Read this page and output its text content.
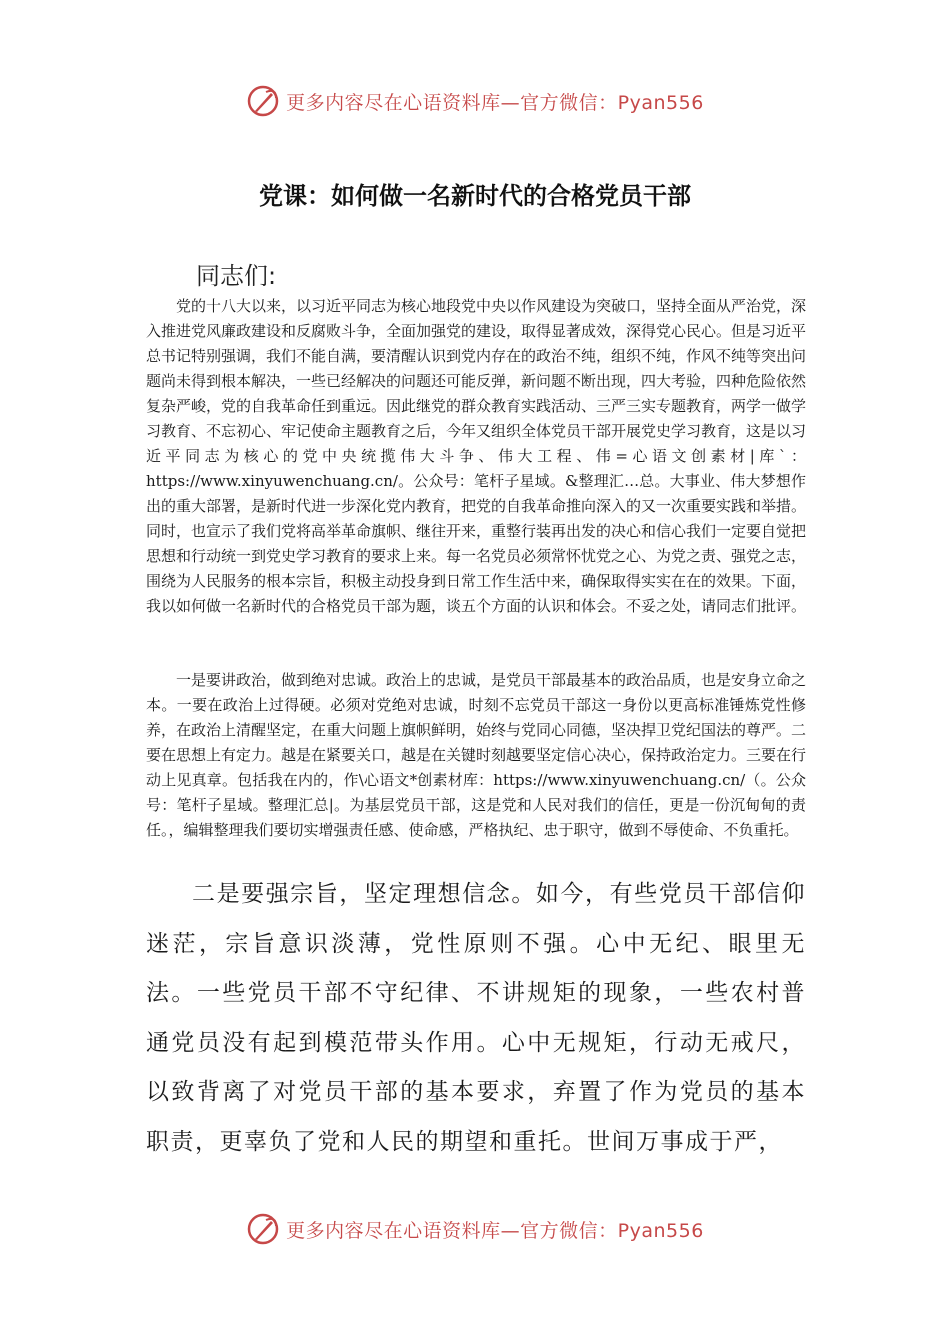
更多内容尽在心语资料库—官方微信：Pyan556
党课：如何做一名新时代的合格党员干部
同志们:

党的十八大以来，以习近平同志为核心地段党中央以作风建设为突破口，坚持全面从严治党，深入推进党风廉政建设和反腐败斗争，全面加强党的建设，取得显著成效，深得党心民心。但是习近平总书记特别强调，我们不能自满，要清醒认识到党内存在的政治不纯，组织不纯，作风不纯等突出问题尚未得到根本解决，一些已经解决的问题还可能反弹，新问题不断出现，四大考验，四种危险依然复杂严峻，党的自我革命任到重远。因此继党的群众教育实践活动、三严三实专题教育，两学一做学习教育、不忘初心、牢记使命主题教育之后，今年又组织全体党员干部开展党史学习教育，这是以习近平同志为核心的党中央统揽伟大斗争、伟大工程、伟=心语文创素材|库`：https://www.xinyuwenchuang.cn/。公众号：笔杆子星域。&整理汇…总。大事业、伟大梦想作出的重大部署，是新时代进一步深化党内教育，把党的自我革命推向深入的又一次重要实践和举措。同时，也宣示了我们党将高举革命旗帜、继往开来，重整行装再出发的决心和信心我们一定要自觉把思想和行动统一到党史学习教育的要求上来。每一名党员必须常怀忧党之心、为党之责、强党之志，围绕为人民服务的根本宗旨，积极主动投身到日常工作生活中来，确保取得实实在在的效果。下面，我以如何做一名新时代的合格党员干部为题，谈五个方面的认识和体会。不妥之处，请同志们批评。

一是要讲政治，做到绝对忠诚。政治上的忠诚，是党员干部最基本的政治品质，也是安身立命之本。一要在政治上过得硬。必须对党绝对忠诚，时刻不忘党员干部这一身份以更高标准锤炼党性修养，在政治上清醒坚定，在重大问题上旗帜鲜明，始终与党同心同德，坚决捍卫党纪国法的尊严。二要在思想上有定力。越是在紧要关口，越是在关键时刻越要坚定信心决心，保持政治定力。三要在行动上见真章。包括我在内的，作\心语文*创素材库：https://www.xinyuwenchuang.cn/（。公众号：笔杆子星域。整理汇总|。为基层党员干部，这是党和人民对我们的信任，更是一份沉甸甸的责任。，编辑整理我们要切实增强责任感、使命感，严格执纪、忠于职守，做到不辱使命、不负重托。

二是要强宗旨，坚定理想信念。如今，有些党员干部信仰迷茫，宗旨意识淡薄，党性原则不强。心中无纪、眼里无法。一些党员干部不守纪律、不讲规矩的现象，一些农村普通党员没有起到模范带头作用。心中无规矩，行动无戒尺，以致背离了对党员干部的基本要求，弃置了作为党员的基本职责，更辜负了党和人民的期望和重托。世间万事成于严，

更多内容尽在心语资料库—官方微信：Pyan556
